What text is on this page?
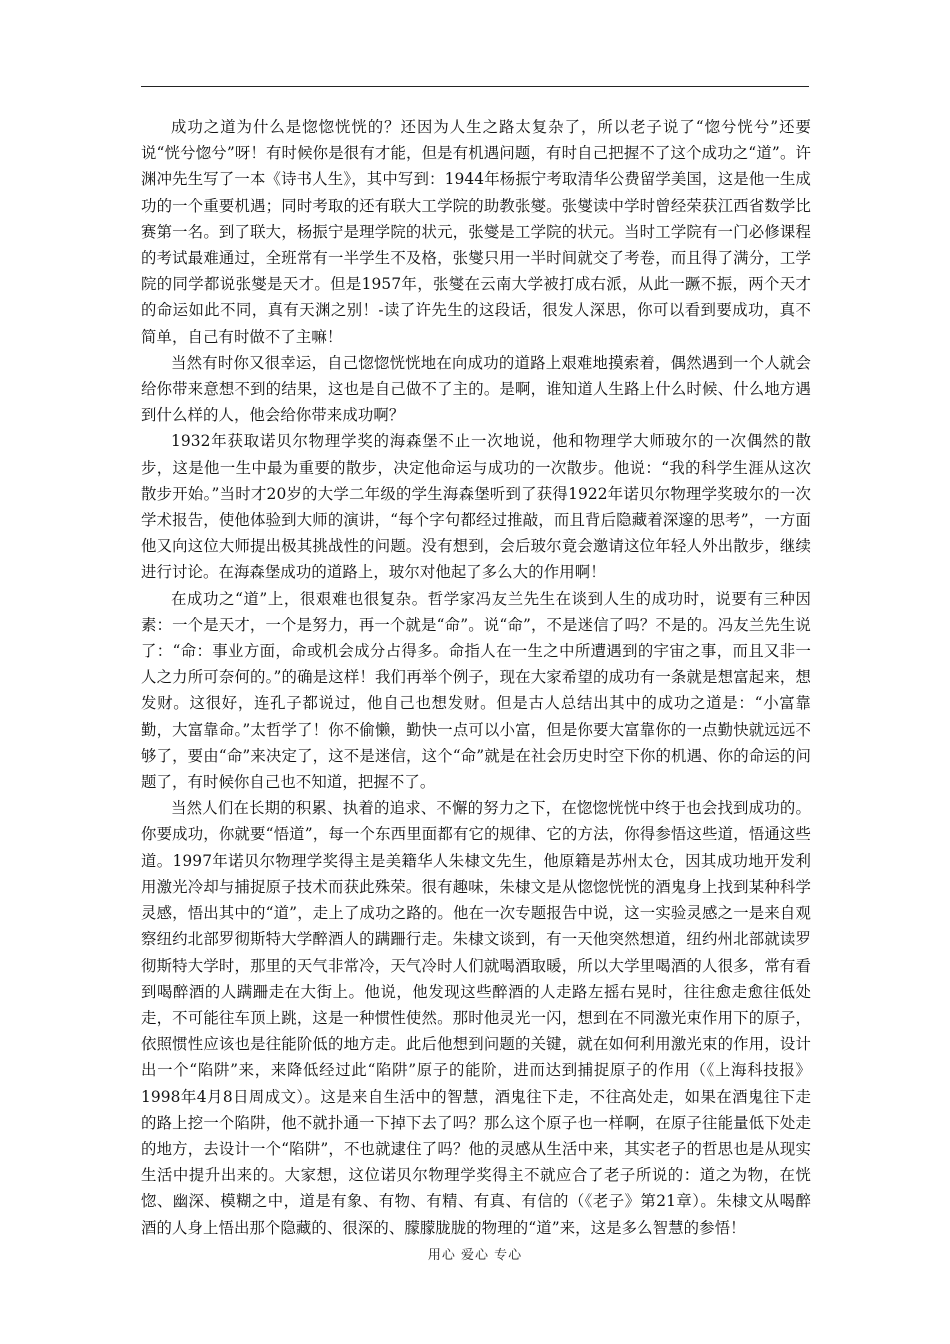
成功之道为什么是惚惚恍恍的？还因为人生之路太复杂了，所以老子说了“惚兮恍兮”还要说“恍兮惚兮”呀！有时候你是很有才能，但是有机遇问题，有时自己把握不了这个成功之“道”。许渊冲先生写了一本《诗书人生》，其中写到：1944年杨振宁考取清华公费留学美国，这是他一生成功的一个重要机遇；同时考取的还有联大工学院的助教张燮。张燮读中学时曾经荣获江西省数学比赛第一名。到了联大，杨振宁是理学院的状元，张燮是工学院的状元。当时工学院有一门必修课程的考试最难通过，全班常有一半学生不及格，张燮只用一半时间就交了考卷，而且得了满分，工学院的同学都说张燮是天才。但是1957年，张燮在云南大学被打成右派，从此一蹶不振，两个天才的命运如此不同，真有天渊之别！-读了许先生的这段话，很发人深思，你可以看到要成功，真不简单，自己有时做不了主嘛！

当然有时你又很幸运，自己惚惚恍恍地在向成功的道路上艰难地摸索着，偶然遇到一个人就会给你带来意想不到的结果，这也是自己做不了主的。是啊，谁知道人生路上什么时候、什么地方遇到什么样的人，他会给你带来成功啊？

1932年获取诺贝尔物理学奖的海森堡不止一次地说，他和物理学大师玻尔的一次偶然的散步，这是他一生中最为重要的散步，决定他命运与成功的一次散步。他说：“我的科学生涯从这次散步开始。”当时才20岁的大学二年级的学生海森堡听到了获得1922年诺贝尔物理学奖玻尔的一次学术报告，使他体验到大师的演讲，“每个字句都经过推敲，而且背后隐藏着深邃的思考”，一方面他又向这位大师提出极其挑战性的问题。没有想到，会后玻尔竟会邀请这位年轻人外出散步，继续进行讨论。在海森堡成功的道路上，玻尔对他起了多么大的作用啊！

在成功之“道”上，很艰难也很复杂。哲学家冯友兰先生在谈到人生的成功时，说要有三种因素：一个是天才，一个是努力，再一个就是“命”。说“命”，不是迷信了吗？不是的。冯友兰先生说了：“命：事业方面，命或机会成分占得多。命指人在一生之中所遭遇到的宇宙之事，而且又非一人之力所可奈何的。”的确是这样！我们再举个例子，现在大家希望的成功有一条就是想富起来，想发财。这很好，连孔子都说过，他自己也想发财。但是古人总结出其中的成功之道是：“小富靠勤，大富靠命。”太哲学了！你不偷懒，勤快一点可以小富，但是你要大富靠你的一点勤快就远远不够了，要由“命”来决定了，这不是迷信，这个“命”就是在社会历史时空下你的机遇、你的命运的问题了，有时候你自己也不知道，把握不了。

当然人们在长期的积累、执着的追求、不懈的努力之下，在惚惚恍恍中终于也会找到成功的。你要成功，你就要“悟道”，每一个东西里面都有它的规律、它的方法，你得参悟这些道，悟通这些道。1997年诺贝尔物理学奖得主是美籍华人朱棣文先生，他原籍是苏州太仓，因其成功地开发利用激光冷却与捕捉原子技术而获此殊荣。很有趣味，朱棣文是从惚惚恍恍的酒鬼身上找到某种科学灵感，悟出其中的“道”，走上了成功之路的。他在一次专题报告中说，这一实验灵感之一是来自观察纽约北部罗彻斯特大学醉酒人的蹒跚行走。朱棣文谈到，有一天他突然想道，纽约州北部就读罗彻斯特大学时，那里的天气非常冷，天气冷时人们就喝酒取暖，所以大学里喝酒的人很多，常有看到喝醉酒的人蹒跚走在大街上。他说，他发现这些醉酒的人走路左摇右晃时，往往愈走愈往低处走，不可能往车顶上跳，这是一种惯性使然。那时他灵光一闪，想到在不同激光束作用下的原子，依照惯性应该也是往能阶低的地方走。此后他想到问题的关键，就在如何利用激光束的作用，设计出一个“陷阱”来，来降低经过此“陷阱”原子的能阶，进而达到捕捉原子的作用（《上海科技报》1998年4月8日周成文）。这是来自生活中的智慧，酒鬼往下走，不往高处走，如果在酒鬼往下走的路上挖一个陷阱，他不就扑通一下掉下去了吗？那么这个原子也一样啊，在原子往能量低下处走的地方，去设计一个“陷阱”，不也就逮住了吗？他的灵感从生活中来，其实老子的哲思也是从现实生活中提升出来的。大家想，这位诺贝尔物理学奖得主不就应合了老子所说的：道之为物，在恍惚、幽深、模糊之中，道是有象、有物、有精、有真、有信的（《老子》第21章）。朱棣文从喝醉酒的人身上悟出那个隐藏的、很深的、朦朦胧胧的物理的“道”来，这是多么智慧的参悟！

用心 爱心 专心
